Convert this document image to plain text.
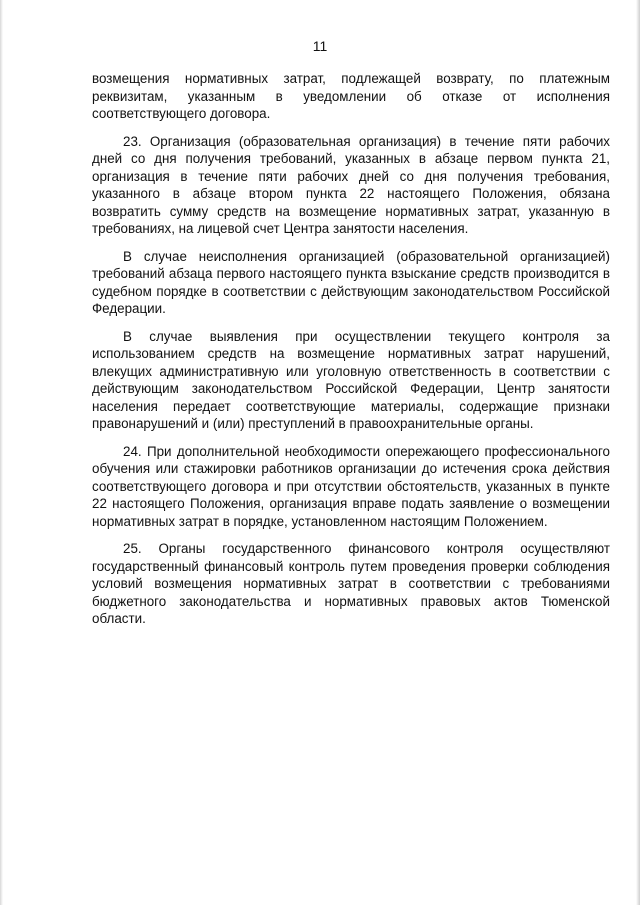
11

возмещения нормативных затрат, подлежащей возврату, по платежным реквизитам, указанным в уведомлении об отказе от исполнения соответствующего договора.

23. Организация (образовательная организация) в течение пяти рабочих дней со дня получения требований, указанных в абзаце первом пункта 21, организация в течение пяти рабочих дней со дня получения требования, указанного в абзаце втором пункта 22 настоящего Положения, обязана возвратить сумму средств на возмещение нормативных затрат, указанную в требованиях, на лицевой счет Центра занятости населения.

В случае неисполнения организацией (образовательной организацией) требований абзаца первого настоящего пункта взыскание средств производится в судебном порядке в соответствии с действующим законодательством Российской Федерации.

В случае выявления при осуществлении текущего контроля за использованием средств на возмещение нормативных затрат нарушений, влекущих административную или уголовную ответственность в соответствии с действующим законодательством Российской Федерации, Центр занятости населения передает соответствующие материалы, содержащие признаки правонарушений и (или) преступлений в правоохранительные органы.

24. При дополнительной необходимости опережающего профессионального обучения или стажировки работников организации до истечения срока действия соответствующего договора и при отсутствии обстоятельств, указанных в пункте 22 настоящего Положения, организация вправе подать заявление о возмещении нормативных затрат в порядке, установленном настоящим Положением.

25. Органы государственного финансового контроля осуществляют государственный финансовый контроль путем проведения проверки соблюдения условий возмещения нормативных затрат в соответствии с требованиями бюджетного законодательства и нормативных правовых актов Тюменской области.
